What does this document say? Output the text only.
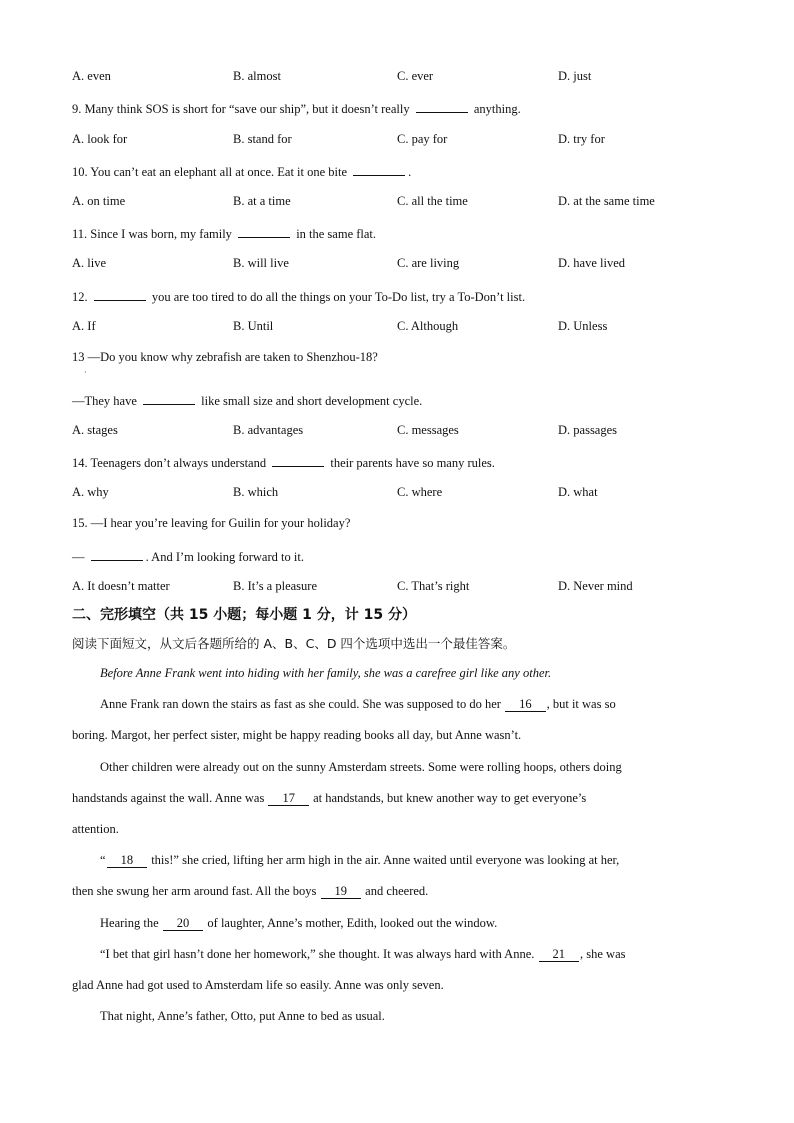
A. even	B. almost	C. ever	D. just
9. Many think SOS is short for “save our ship”, but it doesn’t really	anything.
A. look for	B. stand for	C. pay for	D. try for
10. You can’t eat an elephant all at once. Eat it one bite	.
A. on time	B. at a time	C. all the time	D. at the same time
11. Since I was born, my family	in the same flat.
A. live	B. will live	C. are living	D. have lived
12.	you are too tired to do all the things on your To-Do list, try a To-Don’t list.
A. If	B. Until	C. Although	D. Unless
13 —Do you know why zebrafish are taken to Shenzhou-18?
·
—They have	like small size and short development cycle.
A. stages	B. advantages	C. messages	D. passages
14. Teenagers don’t always understand	their parents have so many rules.
A. why	B. which	C. where	D. what
15. —I hear you’re leaving for Guilin for your holiday?
—	. And I’m looking forward to it.
A. It doesn’t matter	B. It’s a pleasure	C. That’s right	D. Never mind
二、完形填空（共 15 小题；每小题 1 分，计 15 分）
阅读下面短文，从文后各题所给的 A、B、C、D 四个选项中选出一个最佳答案。
Before Anne Frank went into hiding with her family, she was a carefree girl like any other.
Anne Frank ran down the stairs as fast as she could. She was supposed to do her 16 , but it was so
boring. Margot, her perfect sister, might be happy reading books all day, but Anne wasn’t.
Other children were already out on the sunny Amsterdam streets. Some were rolling hoops, others doing
handstands against the wall. Anne was 17 at handstands, but knew another way to get everyone’s
attention.
“ 18 this!” she cried, lifting her arm high in the air. Anne waited until everyone was looking at her,
then she swung her arm around fast. All the boys 19 and cheered.
Hearing the 20 of laughter, Anne’s mother, Edith, looked out the window.
“I bet that girl hasn’t done her homework,” she thought. It was always hard with Anne. 21 , she was
glad Anne had got used to Amsterdam life so easily. Anne was only seven.
That night, Anne’s father, Otto, put Anne to bed as usual.
